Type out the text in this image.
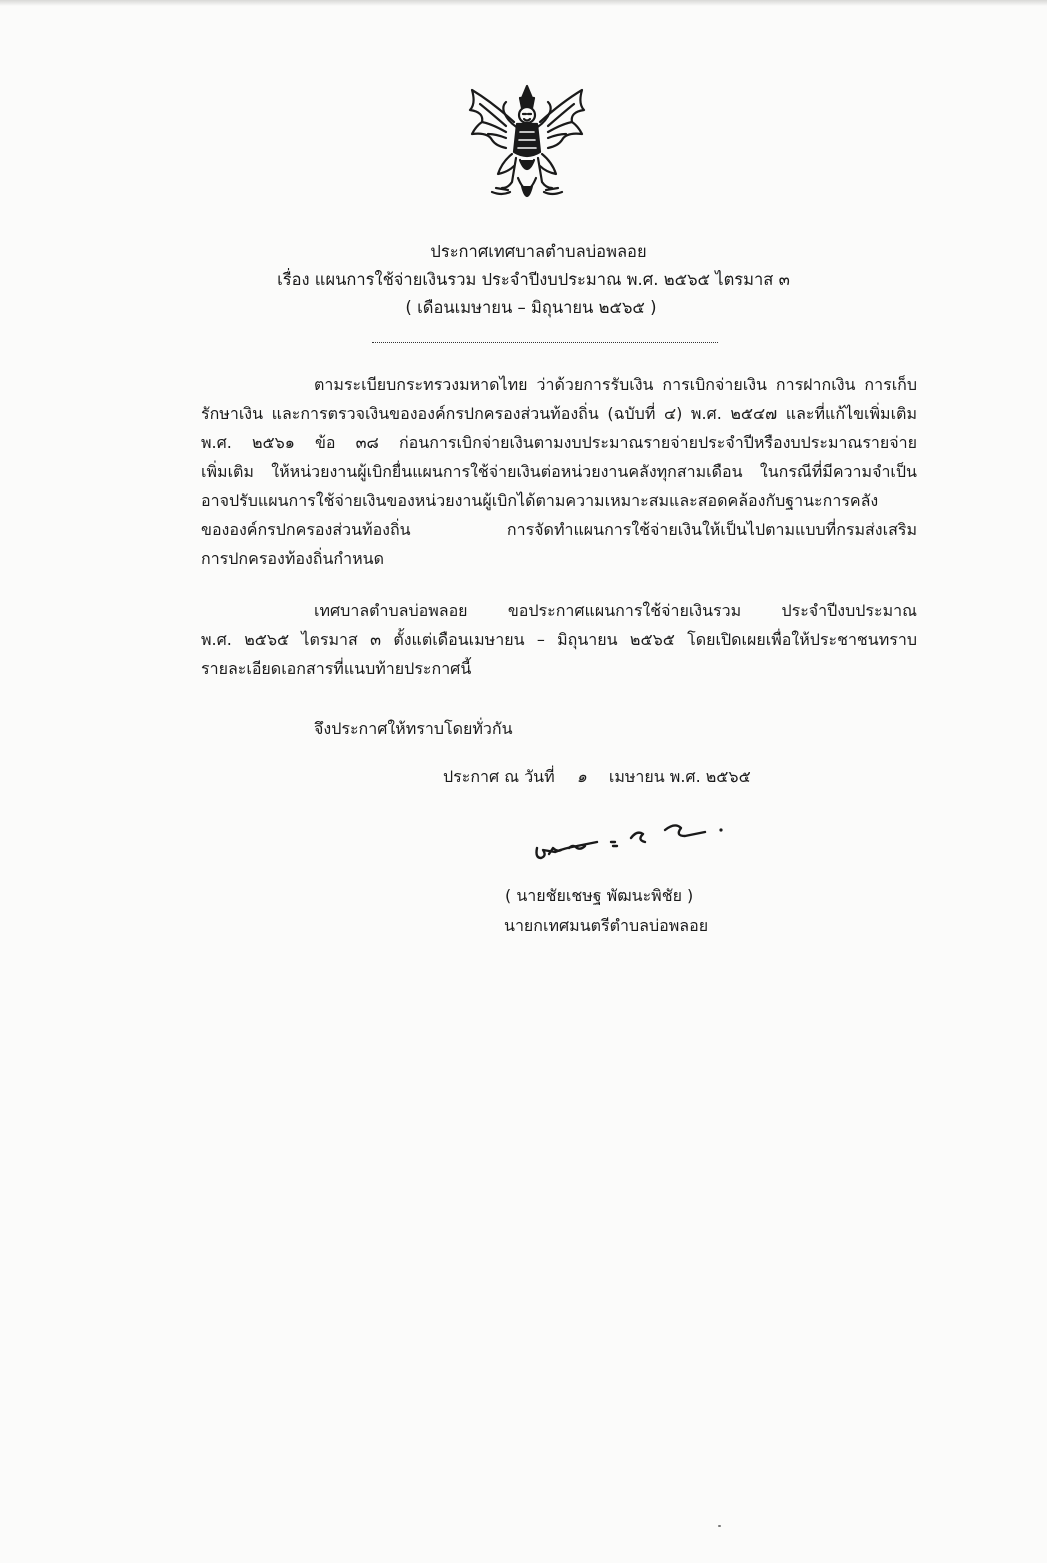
ประกาศเทศบาลตำบลบ่อพลอย
เรื่อง แผนการใช้จ่ายเงินรวม ประจำปีงบประมาณ พ.ศ. ๒๕๖๕ ไตรมาส ๓
( เดือนเมษายน – มิถุนายน ๒๕๖๕ )

ตามระเบียบกระทรวงมหาดไทย ว่าด้วยการรับเงิน การเบิกจ่ายเงิน การฝากเงิน การเก็บ
รักษาเงิน และการตรวจเงินขององค์กรปกครองส่วนท้องถิ่น (ฉบับที่ ๔) พ.ศ. ๒๕๔๗ และที่แก้ไขเพิ่มเติม
พ.ศ. ๒๕๖๑ ข้อ ๓๘ ก่อนการเบิกจ่ายเงินตามงบประมาณรายจ่ายประจำปีหรืองบประมาณรายจ่าย
เพิ่มเติม ให้หน่วยงานผู้เบิกยื่นแผนการใช้จ่ายเงินต่อหน่วยงานคลังทุกสามเดือน ในกรณีที่มีความจำเป็น
อาจปรับแผนการใช้จ่ายเงินของหน่วยงานผู้เบิกได้ตามความเหมาะสมและสอดคล้องกับฐานะการคลัง
ขององค์กรปกครองส่วนท้องถิ่น การจัดทำแผนการใช้จ่ายเงินให้เป็นไปตามแบบที่กรมส่งเสริม
การปกครองท้องถิ่นกำหนด

เทศบาลตำบลบ่อพลอย ขอประกาศแผนการใช้จ่ายเงินรวม ประจำปีงบประมาณ
พ.ศ. ๒๕๖๕ ไตรมาส ๓ ตั้งแต่เดือนเมษายน – มิถุนายน ๒๕๖๕ โดยเปิดเผยเพื่อให้ประชาชนทราบ
รายละเอียดเอกสารที่แนบท้ายประกาศนี้

จึงประกาศให้ทราบโดยทั่วกัน
ประกาศ ณ วันที่ ๑ เมษายน พ.ศ. ๒๕๖๕
( นายชัยเชษฐ พัฒนะพิชัย )
นายกเทศมนตรีตำบลบ่อพลอย
